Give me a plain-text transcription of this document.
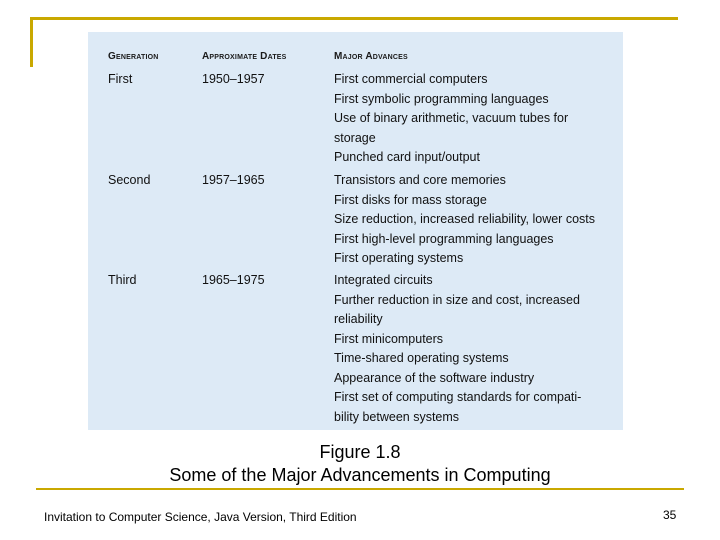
Generation	Approximate Dates	Major Advances
First	1950–1957	First commercial computers
First symbolic programming languages
Use of binary arithmetic, vacuum tubes for
storage
Punched card input/output
Second	1957–1965	Transistors and core memories
First disks for mass storage
Size reduction, increased reliability, lower costs
First high-level programming languages
First operating systems
Third	1965–1975	Integrated circuits
Further reduction in size and cost, increased
reliability
First minicomputers
Time-shared operating systems
Appearance of the software industry
First set of computing standards for compati-
bility between systems
Figure 1.8
Some of the Major Advancements in Computing
Invitation to Computer Science, Java Version, Third Edition	35
